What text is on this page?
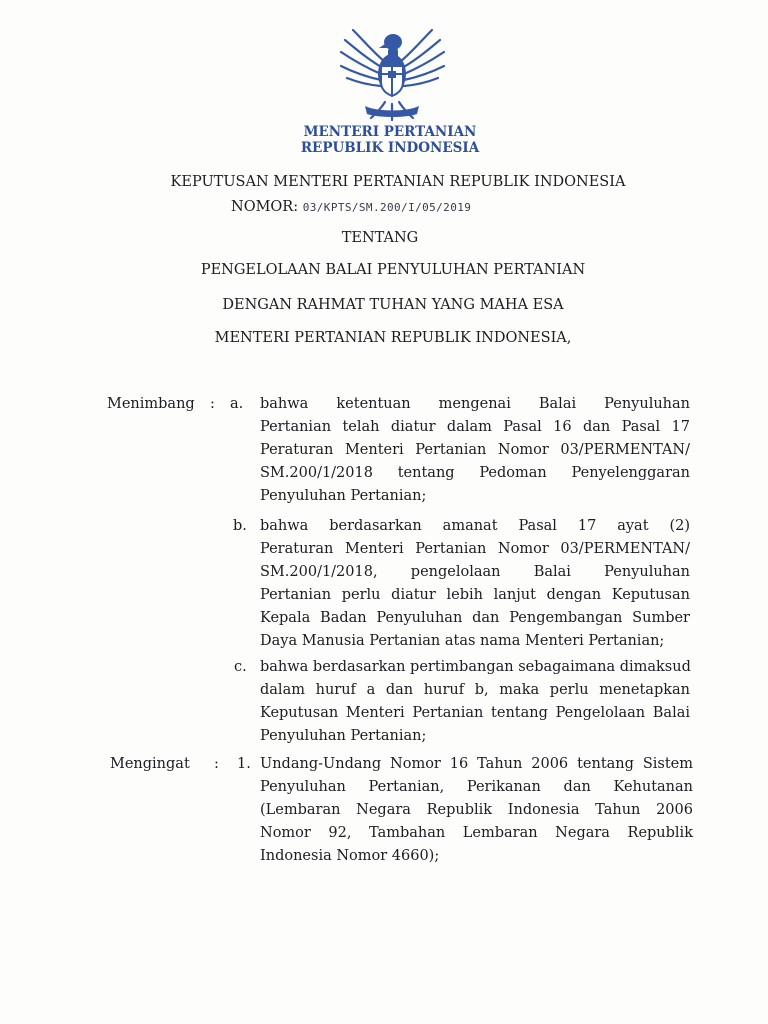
MENTERI PERTANIAN
REPUBLIK INDONESIA
KEPUTUSAN MENTERI PERTANIAN REPUBLIK INDONESIA
NOMOR: 03/KPTS/SM.200/I/05/2019
TENTANG
PENGELOLAAN BALAI PENYULUHAN PERTANIAN
DENGAN RAHMAT TUHAN YANG MAHA ESA
MENTERI PERTANIAN REPUBLIK INDONESIA,
Menimbang : a. bahwa ketentuan mengenai Balai Penyuluhan
Pertanian telah diatur dalam Pasal 16 dan Pasal 17
Peraturan Menteri Pertanian Nomor 03/PERMENTAN/
SM.200/1/2018 tentang Pedoman Penyelenggaran
Penyuluhan Pertanian;
b. bahwa berdasarkan amanat Pasal 17 ayat (2)
Peraturan Menteri Pertanian Nomor 03/PERMENTAN/
SM.200/1/2018, pengelolaan Balai Penyuluhan
Pertanian perlu diatur lebih lanjut dengan Keputusan
Kepala Badan Penyuluhan dan Pengembangan Sumber
Daya Manusia Pertanian atas nama Menteri Pertanian;
c. bahwa berdasarkan pertimbangan sebagaimana dimaksud
dalam huruf a dan huruf b, maka perlu menetapkan
Keputusan Menteri Pertanian tentang Pengelolaan Balai
Penyuluhan Pertanian;
Mengingat : 1. Undang-Undang Nomor 16 Tahun 2006 tentang Sistem
Penyuluhan Pertanian, Perikanan dan Kehutanan
(Lembaran Negara Republik Indonesia Tahun 2006
Nomor 92, Tambahan Lembaran Negara Republik
Indonesia Nomor 4660);
